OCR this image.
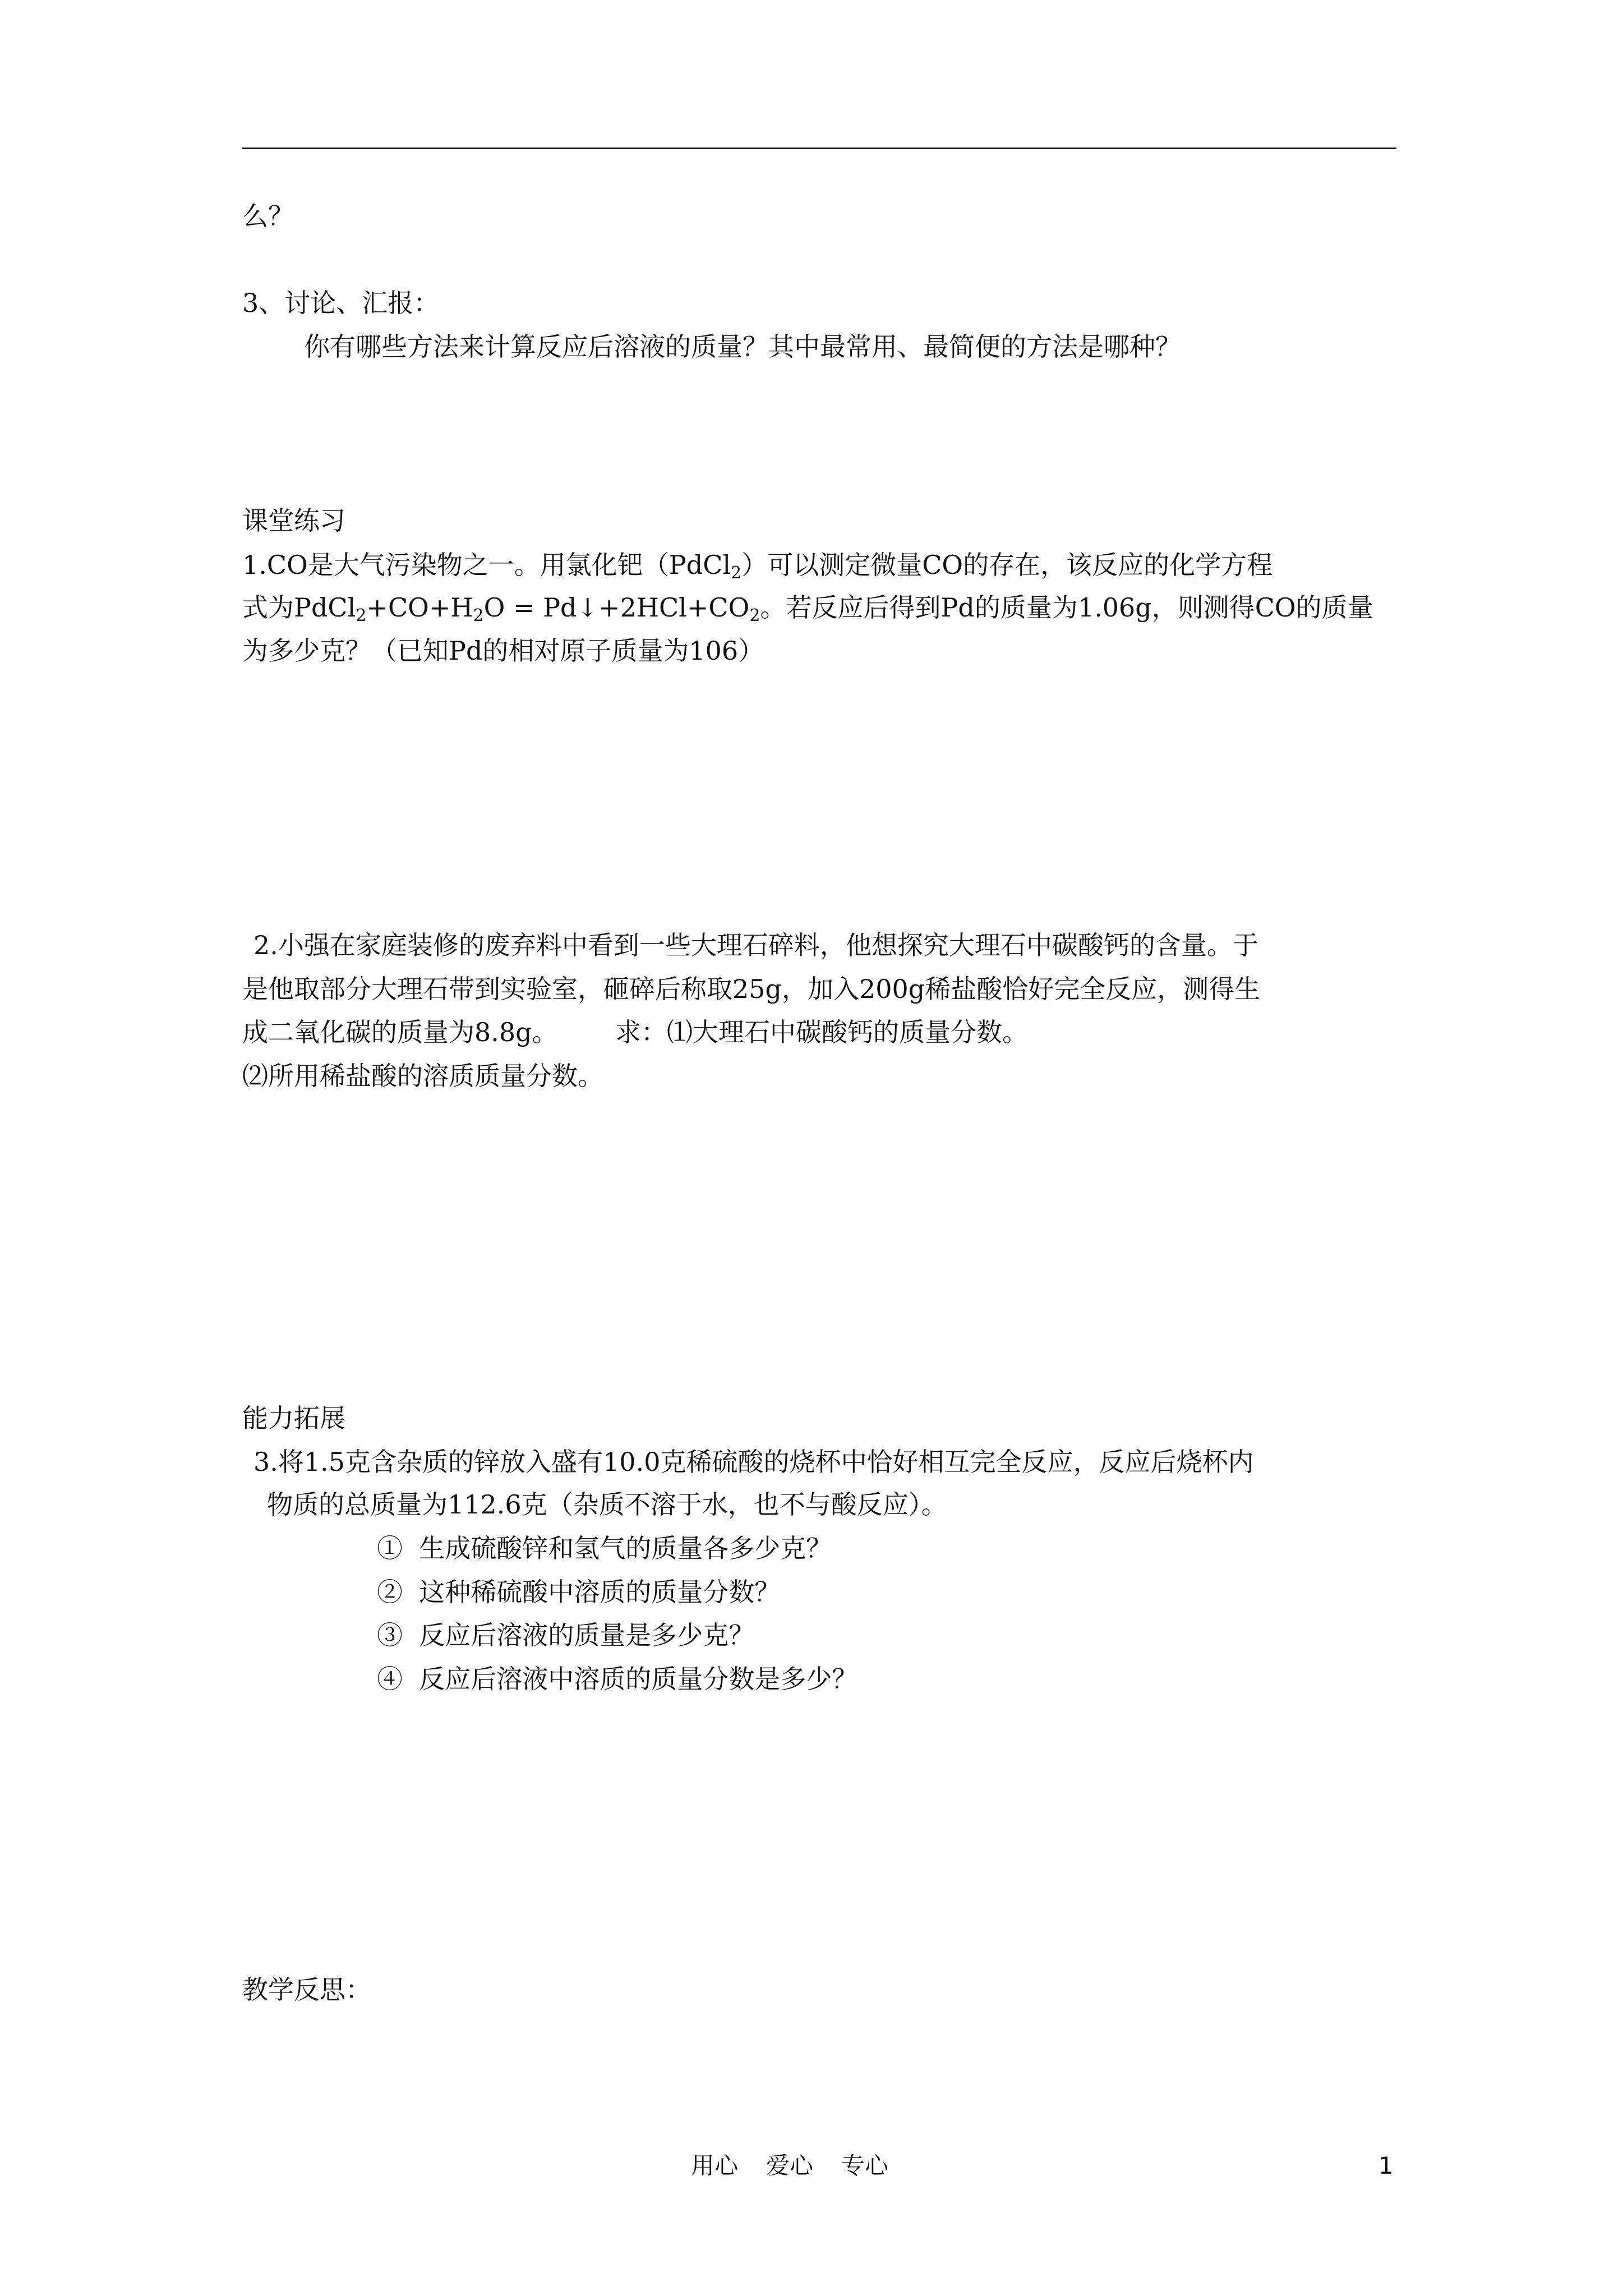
么？
3、讨论、汇报：
你有哪些方法来计算反应后溶液的质量？其中最常用、最简便的方法是哪种？
课堂练习
1.CO是大气污染物之一。用氯化钯（PdCl$_2$）可以测定微量CO的存在，该反应的化学方程
式为$PdCl_2+CO+H_2O$ = $Pd↓+2HCl+CO_2$。若反应后得到Pd的质量为1.06g，则测得CO的质量
为多少克？（已知Pd的相对原子质量为106）
2.小强在家庭装修的废弃料中看到一些大理石碎料，他想探究大理石中碳酸钙的含量。于
是他取部分大理石带到实验室，砸碎后称取25g，加入200g稀盐酸恰好完全反应，测得生
成二氧化碳的质量为8.8g。       求：⑴大理石中碳酸钙的质量分数。
⑵所用稀盐酸的溶质质量分数。
能力拓展
3.将1.5克含杂质的锌放入盛有10.0克稀硫酸的烧杯中恰好相互完全反应，反应后烧杯内
物质的总质量为112.6克（杂质不溶于水，也不与酸反应）。
①  生成硫酸锌和氢气的质量各多少克？
②  这种稀硫酸中溶质的质量分数？
③  反应后溶液的质量是多少克？
④  反应后溶液中溶质的质量分数是多少？
教学反思：
用心 爱心 专心	1
